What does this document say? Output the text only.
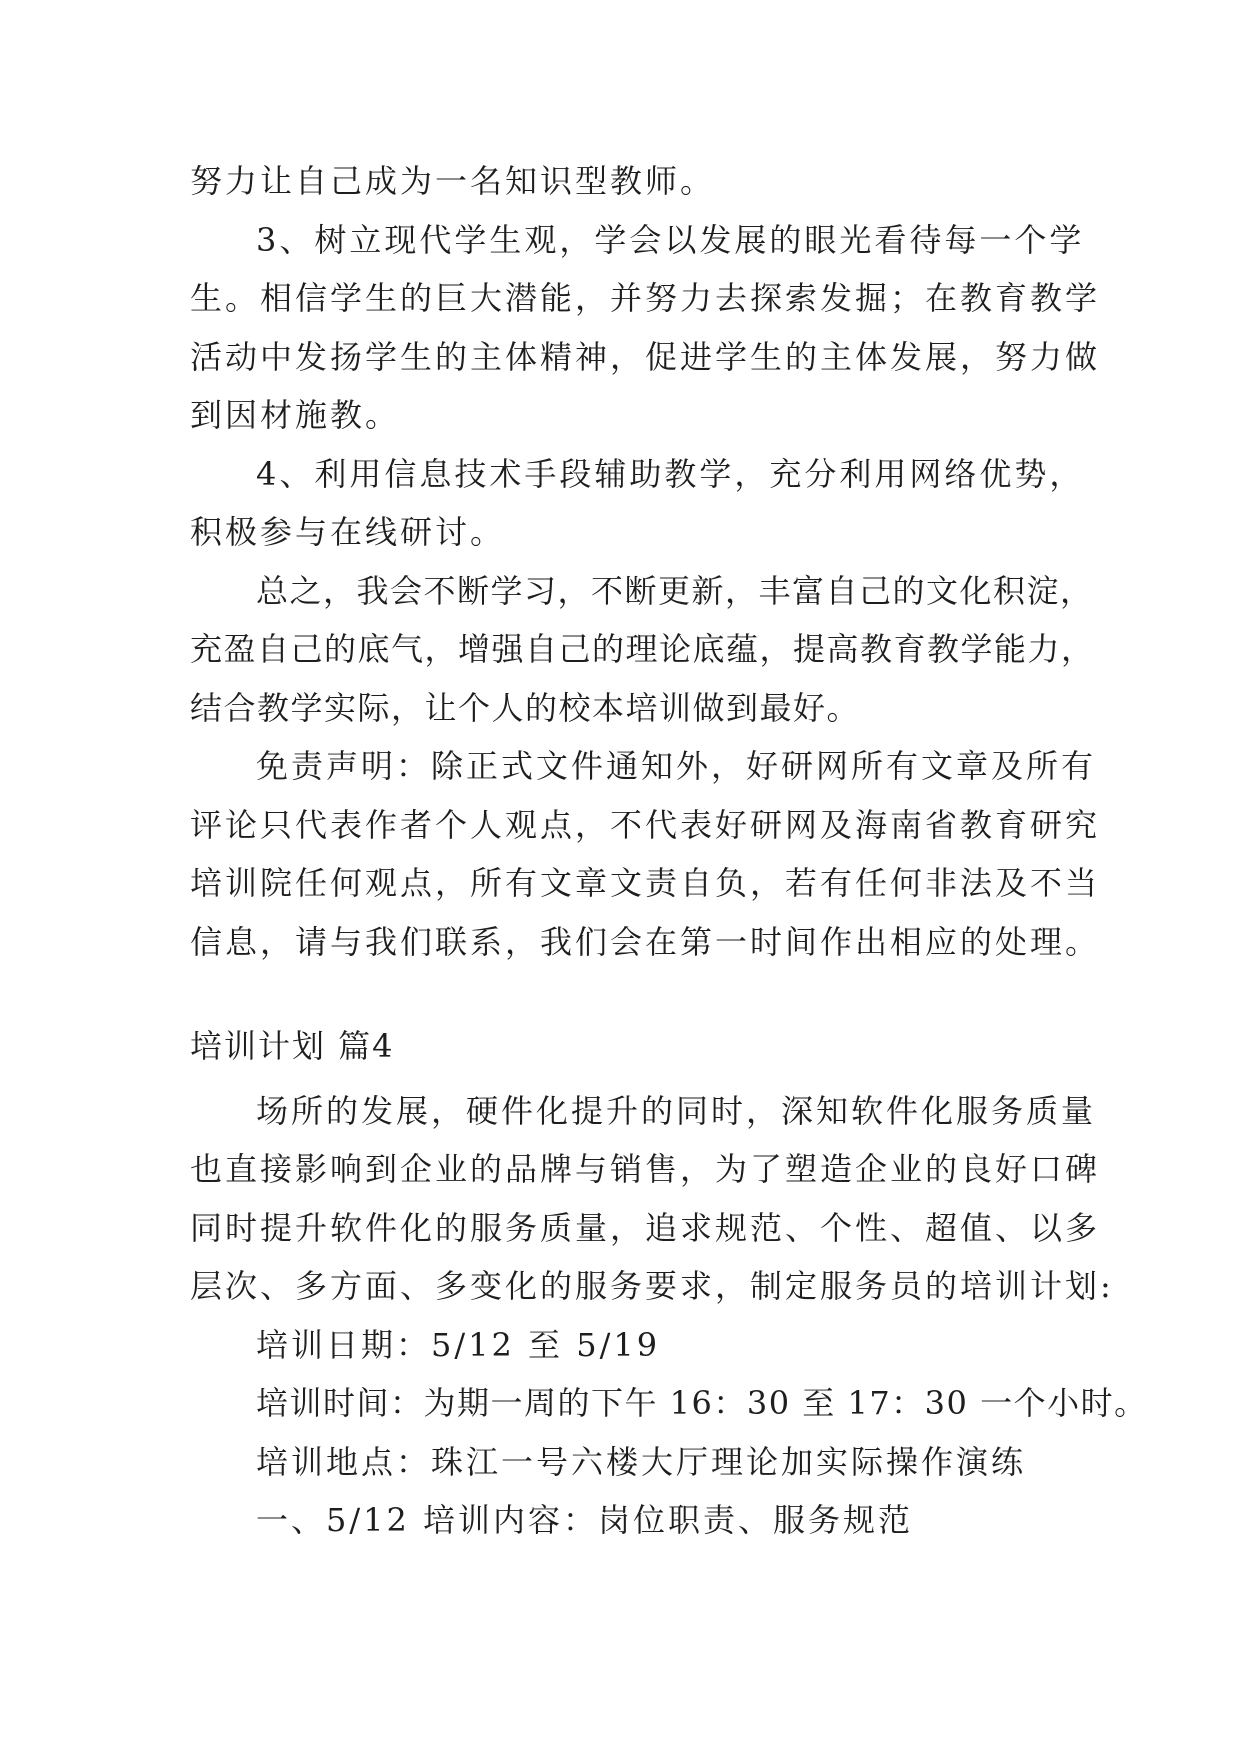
努力让自己成为一名知识型教师。
3、树立现代学生观，学会以发展的眼光看待每一个学
生。相信学生的巨大潜能，并努力去探索发掘；在教育教学
活动中发扬学生的主体精神，促进学生的主体发展，努力做
到因材施教。
4、利用信息技术手段辅助教学，充分利用网络优势，
积极参与在线研讨。
总之，我会不断学习，不断更新，丰富自己的文化积淀，
充盈自己的底气，增强自己的理论底蕴，提高教育教学能力，
结合教学实际，让个人的校本培训做到最好。
免责声明：除正式文件通知外，好研网所有文章及所有
评论只代表作者个人观点，不代表好研网及海南省教育研究
培训院任何观点，所有文章文责自负，若有任何非法及不当
信息，请与我们联系，我们会在第一时间作出相应的处理。
培训计划 篇4
场所的发展，硬件化提升的同时，深知软件化服务质量
也直接影响到企业的品牌与销售，为了塑造企业的良好口碑
同时提升软件化的服务质量，追求规范、个性、超值、以多
层次、多方面、多变化的服务要求，制定服务员的培训计划:
培训日期：5/12 至 5/19
培训时间：为期一周的下午 16：30 至 17：30 一个小时。
培训地点：珠江一号六楼大厅理论加实际操作演练
一、5/12 培训内容：岗位职责、服务规范
